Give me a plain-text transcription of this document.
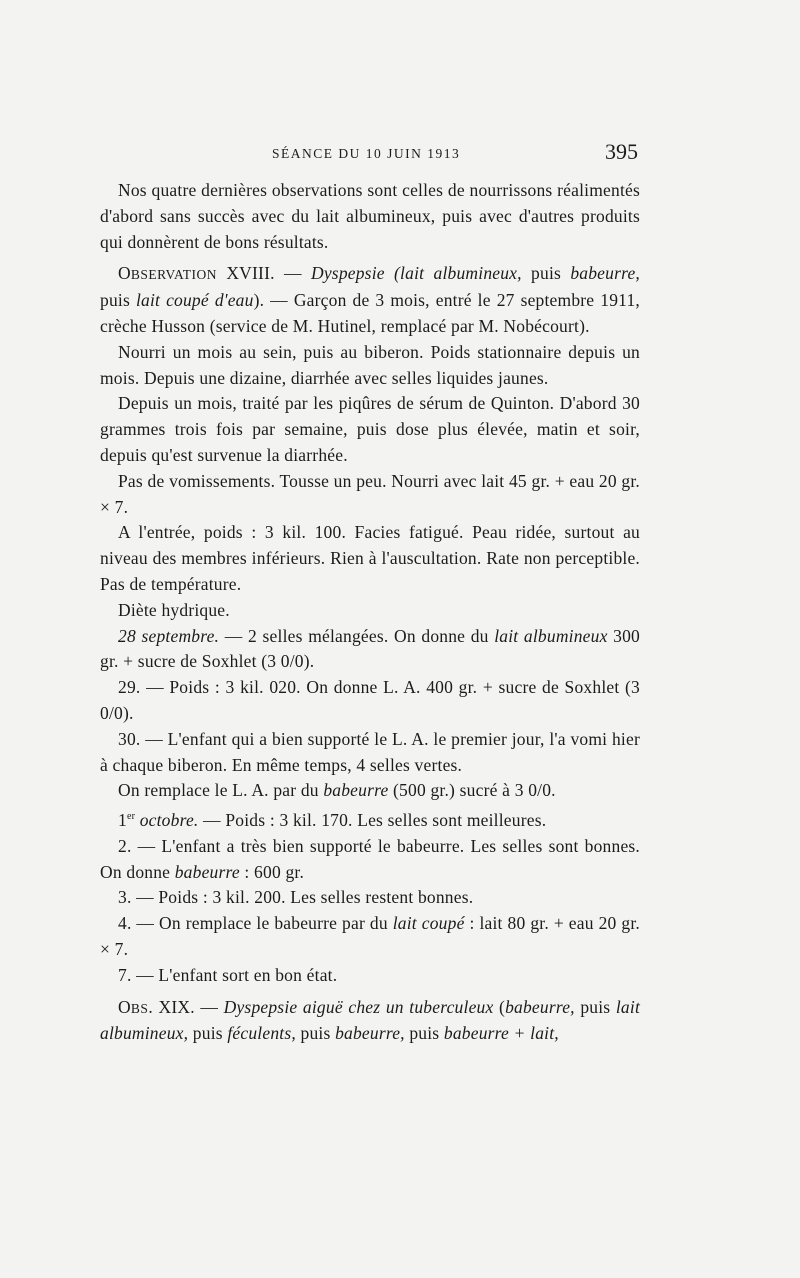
SÉANCE DU 10 JUIN 1913	395

Nos quatre dernières observations sont celles de nourrissons réalimentés d'abord sans succès avec du lait albumineux, puis avec d'autres produits qui donnèrent de bons résultats.

OBSERVATION XVIII. — Dyspepsie (lait albumineux, puis babeurre, puis lait coupé d'eau). — Garçon de 3 mois, entré le 27 septembre 1911, crèche Husson (service de M. Hutinel, remplacé par M. Nobécourt).

Nourri un mois au sein, puis au biberon. Poids stationnaire depuis un mois. Depuis une dizaine, diarrhée avec selles liquides jaunes.

Depuis un mois, traité par les piqûres de sérum de Quinton. D'abord 30 grammes trois fois par semaine, puis dose plus élevée, matin et soir, depuis qu'est survenue la diarrhée.

Pas de vomissements. Tousse un peu. Nourri avec lait 45 gr. + eau 20 gr. × 7.

A l'entrée, poids : 3 kil. 100. Facies fatigué. Peau ridée, surtout au niveau des membres inférieurs. Rien à l'auscultation. Rate non perceptible. Pas de température.

Diète hydrique.

28 septembre. — 2 selles mélangées. On donne du lait albumineux 300 gr. + sucre de Soxhlet (3 0/0).

29. — Poids : 3 kil. 020. On donne L. A. 400 gr. + sucre de Soxhlet (3 0/0).

30. — L'enfant qui a bien supporté le L. A. le premier jour, l'a vomi hier à chaque biberon. En même temps, 4 selles vertes.

On remplace le L. A. par du babeurre (500 gr.) sucré à 3 0/0.

1er octobre. — Poids : 3 kil. 170. Les selles sont meilleures.

2. — L'enfant a très bien supporté le babeurre. Les selles sont bonnes. On donne babeurre : 600 gr.

3. — Poids : 3 kil. 200. Les selles restent bonnes.

4. — On remplace le babeurre par du lait coupé : lait 80 gr. + eau 20 gr. × 7.

7. — L'enfant sort en bon état.

OBS. XIX. — Dyspepsie aiguë chez un tuberculeux (babeurre, puis lait albumineux, puis féculents, puis babeurre, puis babeurre + lait,
